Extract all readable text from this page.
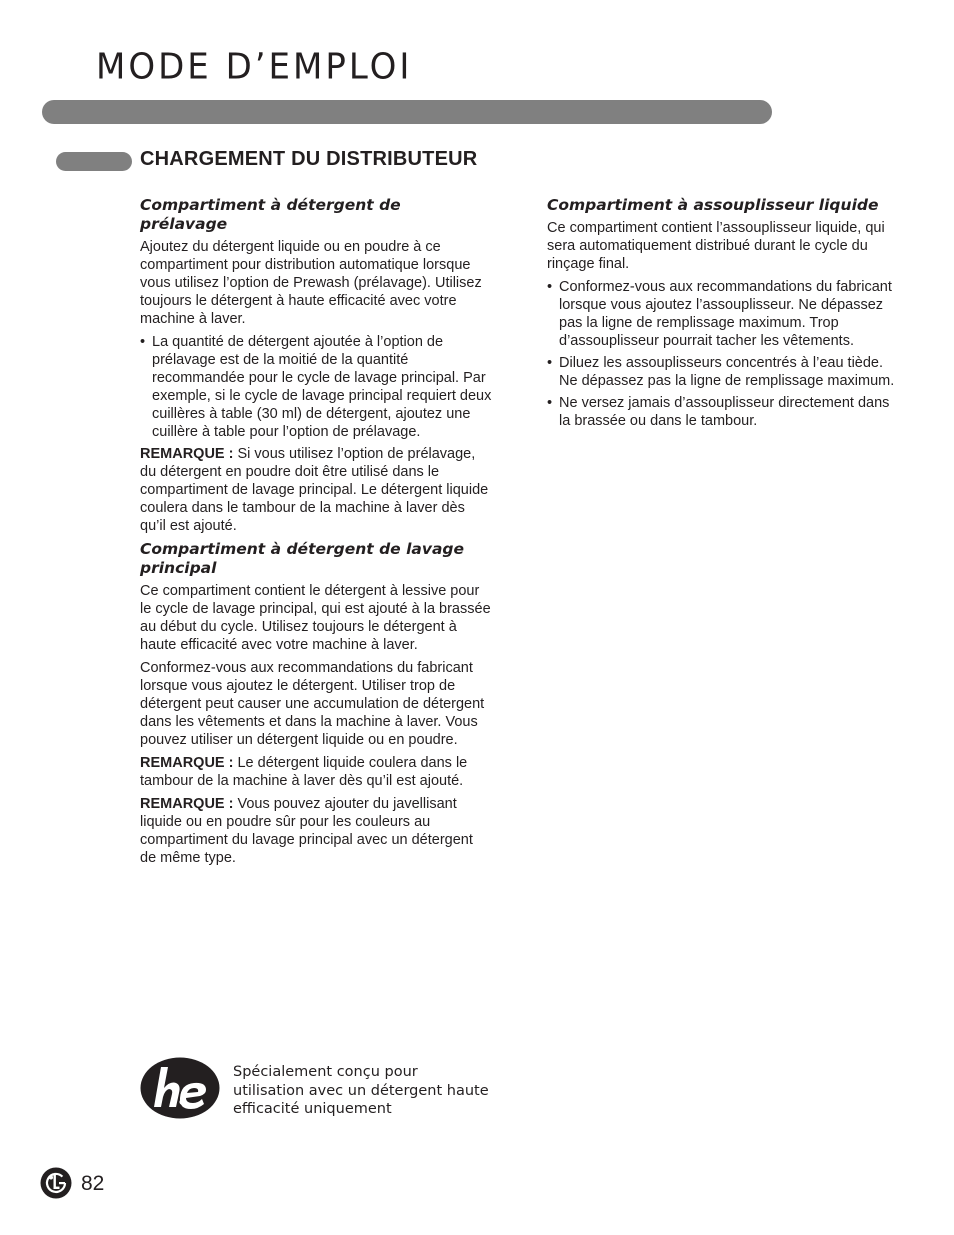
MODE D’EMPLOI
CHARGEMENT DU DISTRIBUTEUR
Compartiment à détergent de prélavage

Ajoutez du détergent liquide ou en poudre à ce compartiment pour distribution automatique lorsque vous utilisez l’option de Prewash (prélavage). Utilisez toujours le détergent à haute efficacité avec votre machine à laver.

• La quantité de détergent ajoutée à l’option de prélavage est de la moitié de la quantité recommandée pour le cycle de lavage principal. Par exemple, si le cycle de lavage principal requiert deux cuillères à table (30 ml) de détergent, ajoutez une cuillère à table pour l’option de prélavage.

REMARQUE : Si vous utilisez l’option de prélavage, du détergent en poudre doit être utilisé dans le compartiment de lavage principal. Le détergent liquide coulera dans le tambour de la machine à laver dès qu’il est ajouté.

Compartiment à détergent de lavage principal

Ce compartiment contient le détergent à lessive pour le cycle de lavage principal, qui est ajouté à la brassée au début du cycle. Utilisez toujours le détergent à haute efficacité avec votre machine à laver.

Conformez-vous aux recommandations du fabricant lorsque vous ajoutez le détergent. Utiliser trop de détergent peut causer une accumulation de détergent dans les vêtements et dans la machine à laver. Vous pouvez utiliser un détergent liquide ou en poudre.

REMARQUE : Le détergent liquide coulera dans le tambour de la machine à laver dès qu’il est ajouté.

REMARQUE : Vous pouvez ajouter du javellisant liquide ou en poudre sûr pour les couleurs au compartiment du lavage principal avec un détergent de même type.

Compartiment à assouplisseur liquide

Ce compartiment contient l’assouplisseur liquide, qui sera automatiquement distribué durant le cycle du rinçage final.

• Conformez-vous aux recommandations du fabricant lorsque vous ajoutez l’assouplisseur. Ne dépassez pas la ligne de remplissage maximum. Trop d’assouplisseur pourrait tacher les vêtements.
• Diluez les assouplisseurs concentrés à l’eau tiède. Ne dépassez pas la ligne de remplissage maximum.
• Ne versez jamais d’assouplisseur directement dans la brassée ou dans le tambour.
Spécialement conçu pour utilisation avec un détergent haute efficacité uniquement
82
